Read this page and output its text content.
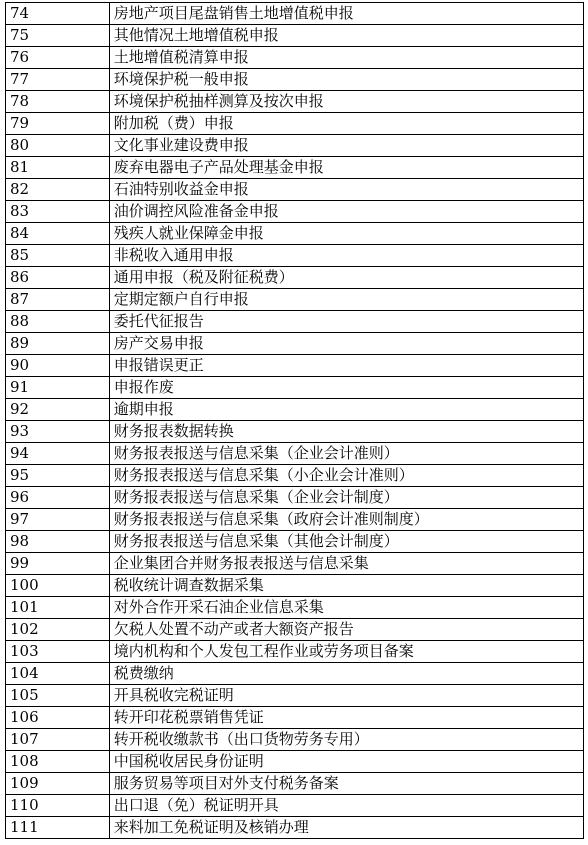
74	房地产项目尾盘销售土地增值税申报
75	其他情况土地增值税申报
76	土地增值税清算申报
77	环境保护税一般申报
78	环境保护税抽样测算及按次申报
79	附加税（费）申报
80	文化事业建设费申报
81	废弃电器电子产品处理基金申报
82	石油特别收益金申报
83	油价调控风险准备金申报
84	残疾人就业保障金申报
85	非税收入通用申报
86	通用申报（税及附征税费）
87	定期定额户自行申报
88	委托代征报告
89	房产交易申报
90	申报错误更正
91	申报作废
92	逾期申报
93	财务报表数据转换
94	财务报表报送与信息采集（企业会计准则）
95	财务报表报送与信息采集（小企业会计准则）
96	财务报表报送与信息采集（企业会计制度）
97	财务报表报送与信息采集（政府会计准则制度）
98	财务报表报送与信息采集（其他会计制度）
99	企业集团合并财务报表报送与信息采集
100	税收统计调查数据采集
101	对外合作开采石油企业信息采集
102	欠税人处置不动产或者大额资产报告
103	境内机构和个人发包工程作业或劳务项目备案
104	税费缴纳
105	开具税收完税证明
106	转开印花税票销售凭证
107	转开税收缴款书（出口货物劳务专用）
108	中国税收居民身份证明
109	服务贸易等项目对外支付税务备案
110	出口退（免）税证明开具
111	来料加工免税证明及核销办理
